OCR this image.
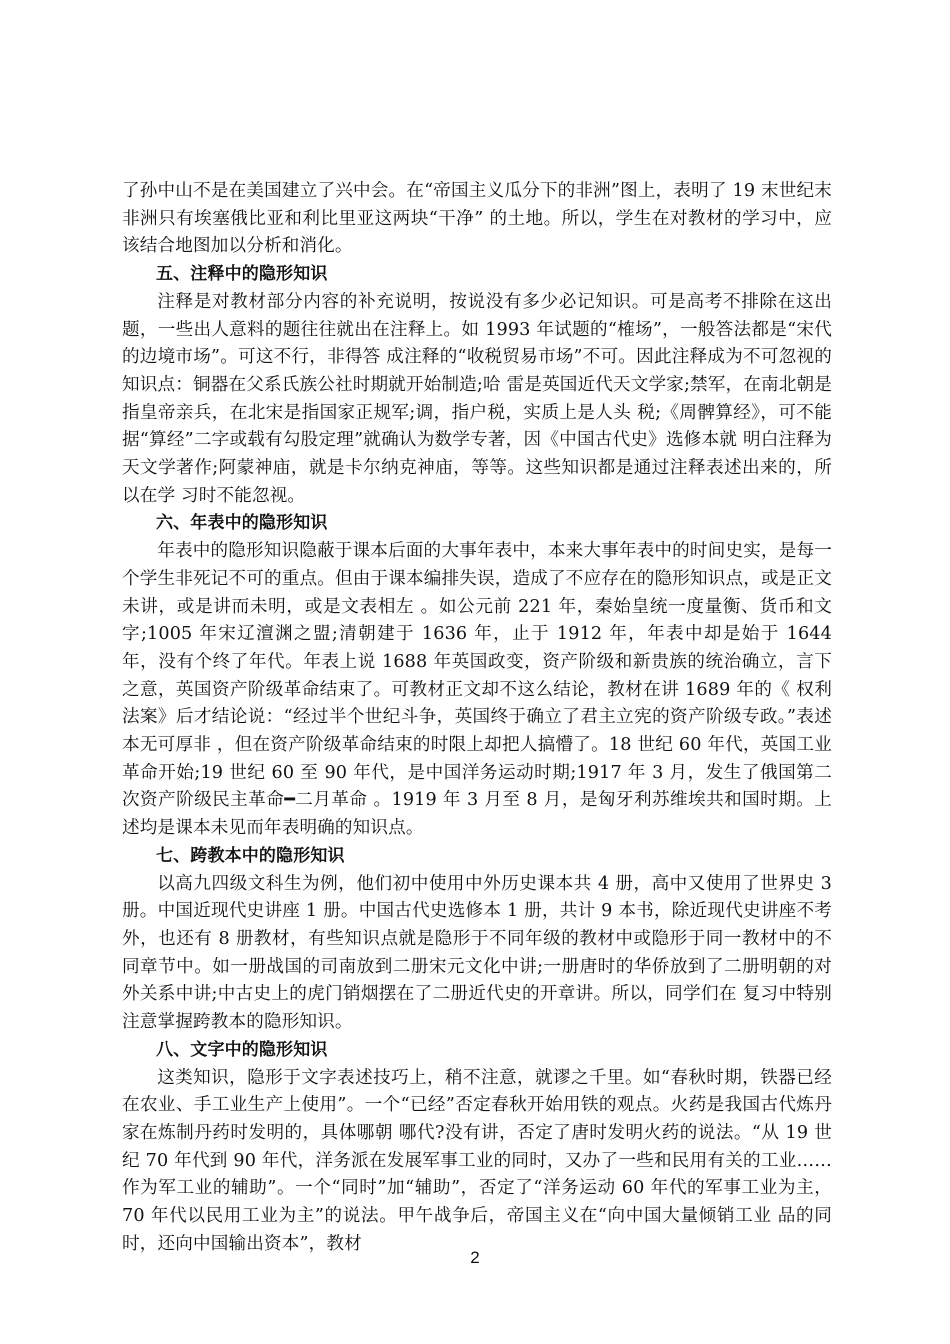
了孙中山不是在美国建立了兴中会。在“帝国主义瓜分下的非洲”图上，表明了 19 末世纪末非洲只有埃塞俄比亚和利比里亚这两块“干净” 的土地。所以，学生在对教材的学习中，应该结合地图加以分析和消化。

五、注释中的隐形知识

注释是对教材部分内容的补充说明，按说没有多少必记知识。可是高考不排除在这出题，一些出人意料的题往往就出在注释上。如 1993 年试题的“榷场”，一般答法都是“宋代的边境市场”。可这不行，非得答 成注释的“收税贸易市场”不可。因此注释成为不可忽视的知识点：铜器在父系氏族公社时期就开始制造;哈 雷是英国近代天文学家;禁军，在南北朝是指皇帝亲兵，在北宋是指国家正规军;调，指户税，实质上是人头 税;《周髀算经》，可不能据“算经”二字或载有勾股定理”就确认为数学专著，因《中国古代史》选修本就 明白注释为天文学著作;阿蒙神庙，就是卡尔纳克神庙，等等。这些知识都是通过注释表述出来的，所以在学 习时不能忽视。

六、年表中的隐形知识

年表中的隐形知识隐蔽于课本后面的大事年表中，本来大事年表中的时间史实，是每一个学生非死记不可的重点。但由于课本编排失误，造成了不应存在的隐形知识点，或是正文未讲，或是讲而未明，或是文表相左 。如公元前 221 年，秦始皇统一度量衡、货币和文字;1005 年宋辽澶渊之盟;清朝建于 1636 年，止于 1912 年，年表中却是始于 1644 年，没有个终了年代。年表上说 1688 年英国政变，资产阶级和新贵族的统治确立，言下之意，英国资产阶级革命结束了。可教材正文却不这么结论，教材在讲 1689 年的《 权利法案》后才结论说：“经过半个世纪斗争，英国终于确立了君主立宪的资产阶级专政。”表述本无可厚非 ，但在资产阶级革命结束的时限上却把人搞懵了。18 世纪 60 年代，英国工业革命开始;19 世纪 60 至 90 年代，是中国洋务运动时期;1917 年 3 月，发生了俄国第二次资产阶级民主革命━二月革命 。1919 年 3 月至 8 月，是匈牙利苏维埃共和国时期。上述均是课本未见而年表明确的知识点。

七、跨教本中的隐形知识

以高九四级文科生为例，他们初中使用中外历史课本共 4 册，高中又使用了世界史 3 册。中国近现代史讲座 1 册。中国古代史选修本 1 册，共计 9 本书，除近现代史讲座不考外，也还有 8 册教材，有些知识点就是隐形于不同年级的教材中或隐形于同一教材中的不同章节中。如一册战国的司南放到二册宋元文化中讲;一册唐时的华侨放到了二册明朝的对外关系中讲;中古史上的虎门销烟摆在了二册近代史的开章讲。所以，同学们在 复习中特别注意掌握跨教本的隐形知识。

八、文字中的隐形知识

这类知识，隐形于文字表述技巧上，稍不注意，就谬之千里。如“春秋时期，铁器已经在农业、手工业生产上使用”。一个“已经”否定春秋开始用铁的观点。火药是我国古代炼丹家在炼制丹药时发明的，具体哪朝 哪代?没有讲，否定了唐时发明火药的说法。“从 19 世纪 70 年代到 90 年代，洋务派在发展军事工业的同时，又办了一些和民用有关的工业……作为军工业的辅助”。一个“同时”加“辅助”，否定了“洋务运动 60 年代的军事工业为主，70 年代以民用工业为主”的说法。甲午战争后，帝国主义在“向中国大量倾销工业 品的同时，还向中国输出资本”，教材

2
